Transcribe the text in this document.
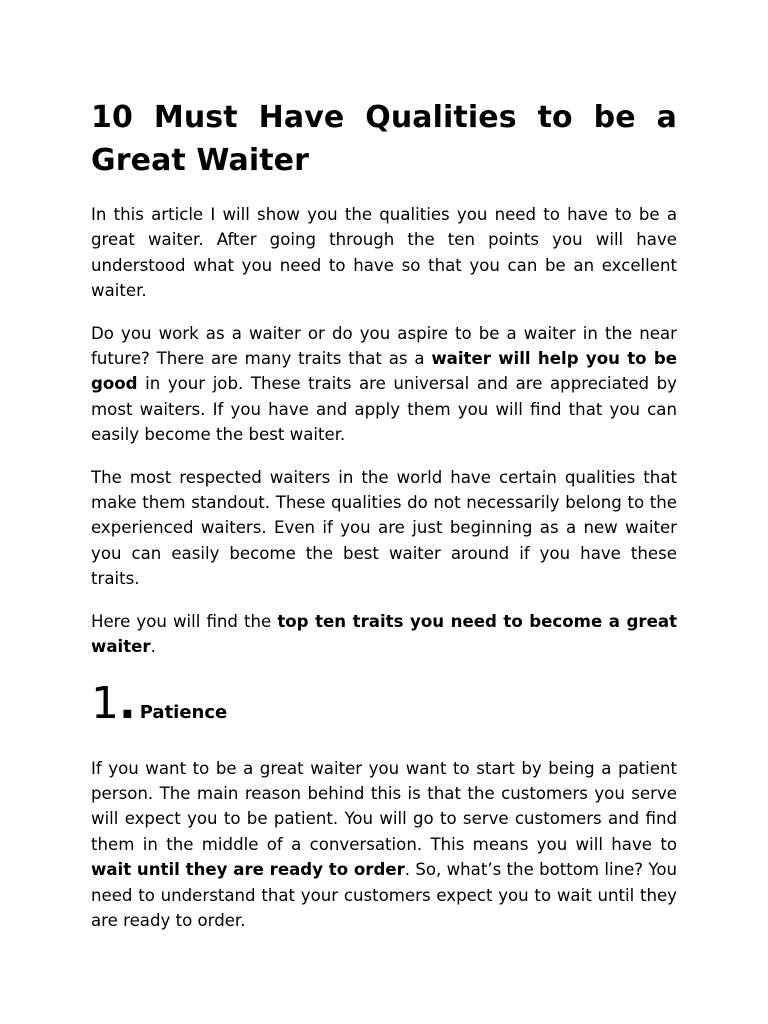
10 Must Have Qualities to be a Great Waiter

In this article I will show you the qualities you need to have to be a great waiter. After going through the ten points you will have understood what you need to have so that you can be an excellent waiter.

Do you work as a waiter or do you aspire to be a waiter in the near future? There are many traits that as a waiter will help you to be good in your job. These traits are universal and are appreciated by most waiters. If you have and apply them you will find that you can easily become the best waiter.

The most respected waiters in the world have certain qualities that make them standout. These qualities do not necessarily belong to the experienced waiters. Even if you are just beginning as a new waiter you can easily become the best waiter around if you have these traits.

Here you will find the top ten traits you need to become a great waiter.

1 . Patience

If you want to be a great waiter you want to start by being a patient person. The main reason behind this is that the customers you serve will expect you to be patient. You will go to serve customers and find them in the middle of a conversation. This means you will have to wait until they are ready to order. So, what’s the bottom line? You need to understand that your customers expect you to wait until they are ready to order.
